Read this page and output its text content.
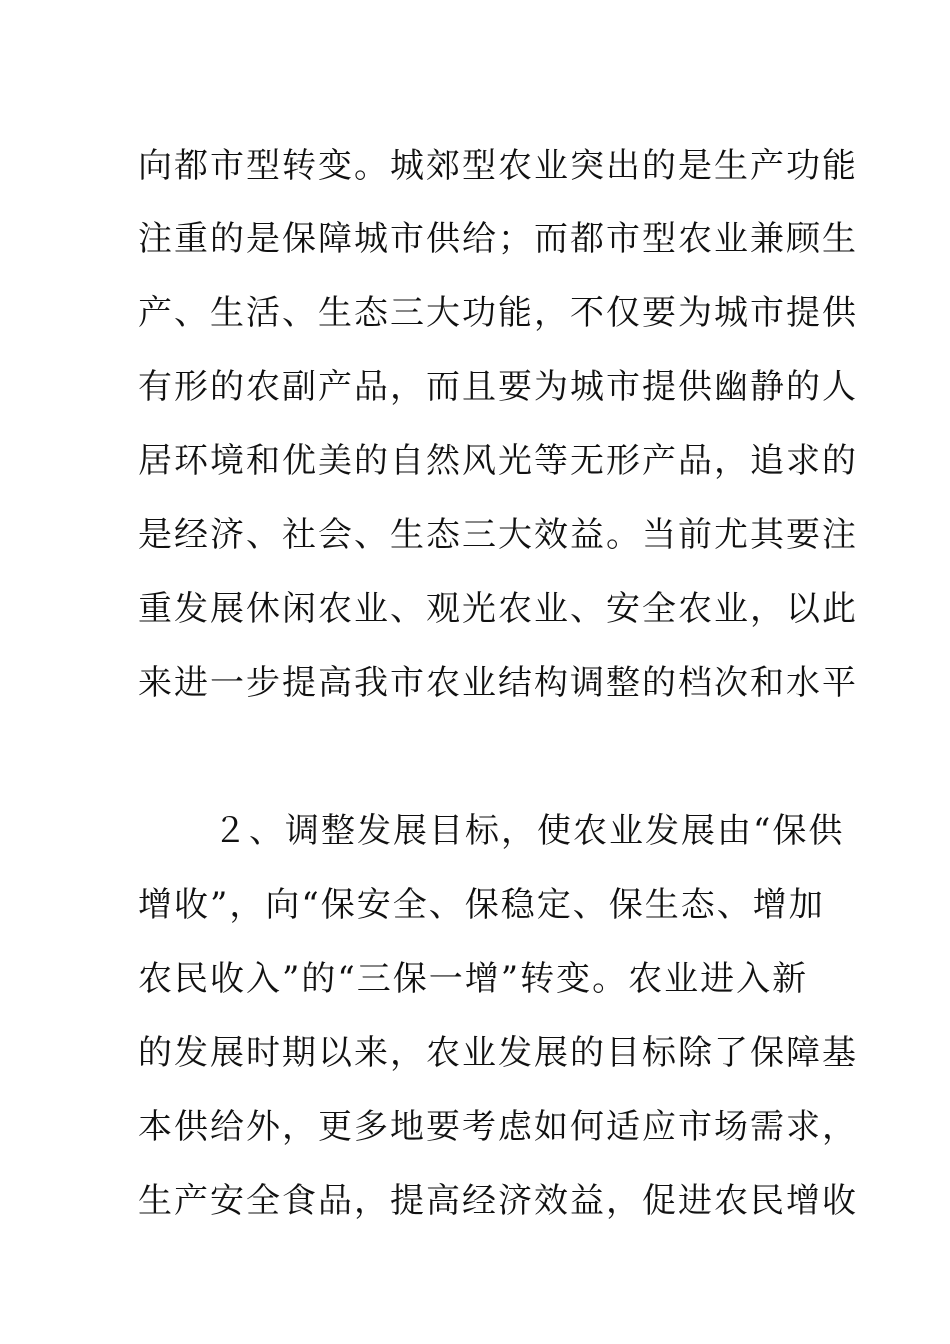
向都市型转变。城郊型农业突出的是生产功能
注重的是保障城市供给；而都市型农业兼顾生
产、生活、生态三大功能，不仅要为城市提供
有形的农副产品，而且要为城市提供幽静的人
居环境和优美的自然风光等无形产品，追求的
是经济、社会、生态三大效益。当前尤其要注
重发展休闲农业、观光农业、安全农业，以此
来进一步提高我市农业结构调整的档次和水平
２、调整发展目标，使农业发展由“保供
增收”，向“保安全、保稳定、保生态、增加
农民收入”的“三保一增”转变。农业进入新
的发展时期以来，农业发展的目标除了保障基
本供给外，更多地要考虑如何适应市场需求，
生产安全食品，提高经济效益，促进农民增收
